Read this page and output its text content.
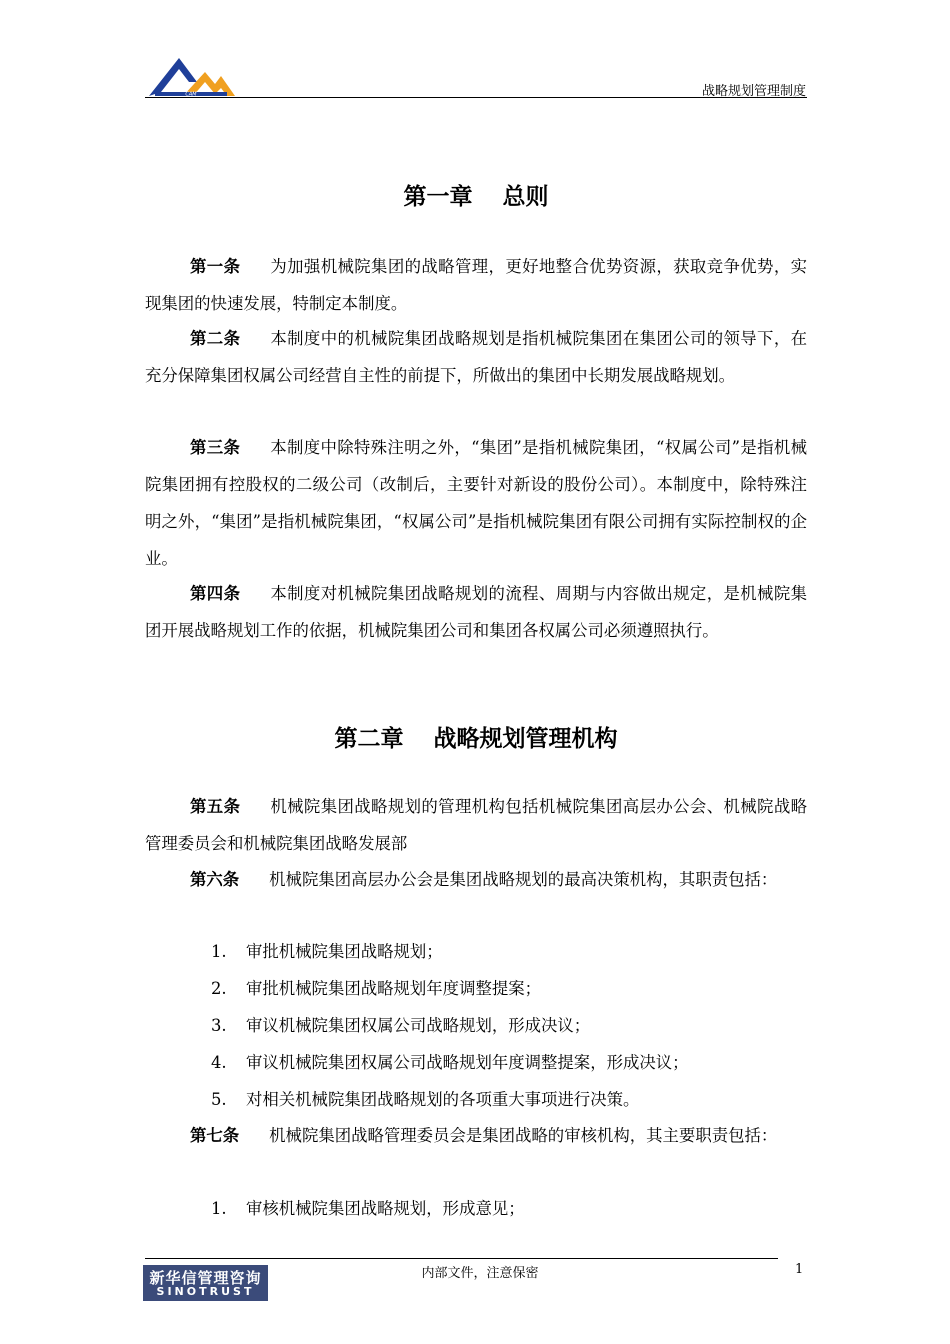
CAM	战略规划管理制度
第一章 总则
第一条 为加强机械院集团的战略管理，更好地整合优势资源，获取竞争优势，实现集团的快速发展，特制定本制度。
第二条 本制度中的机械院集团战略规划是指机械院集团在集团公司的领导下，在充分保障集团权属公司经营自主性的前提下，所做出的集团中长期发展战略规划。
第三条 本制度中除特殊注明之外，“集团”是指机械院集团，“权属公司”是指机械院集团拥有控股权的二级公司（改制后，主要针对新设的股份公司）。本制度中，除特殊注明之外，“集团”是指机械院集团，“权属公司”是指机械院集团有限公司拥有实际控制权的企业。
第四条 本制度对机械院集团战略规划的流程、周期与内容做出规定，是机械院集团开展战略规划工作的依据，机械院集团公司和集团各权属公司必须遵照执行。
第二章 战略规划管理机构
第五条 机械院集团战略规划的管理机构包括机械院集团高层办公会、机械院战略管理委员会和机械院集团战略发展部
第六条 机械院集团高层办公会是集团战略规划的最高决策机构，其职责包括：
1. 审批机械院集团战略规划；
2. 审批机械院集团战略规划年度调整提案；
3. 审议机械院集团权属公司战略规划，形成决议；
4. 审议机械院集团权属公司战略规划年度调整提案，形成决议；
5. 对相关机械院集团战略规划的各项重大事项进行决策。
第七条 机械院集团战略管理委员会是集团战略的审核机构，其主要职责包括：
1. 审核机械院集团战略规划，形成意见；
新华信管理咨询
SINOTRUST
内部文件，注意保密	1
